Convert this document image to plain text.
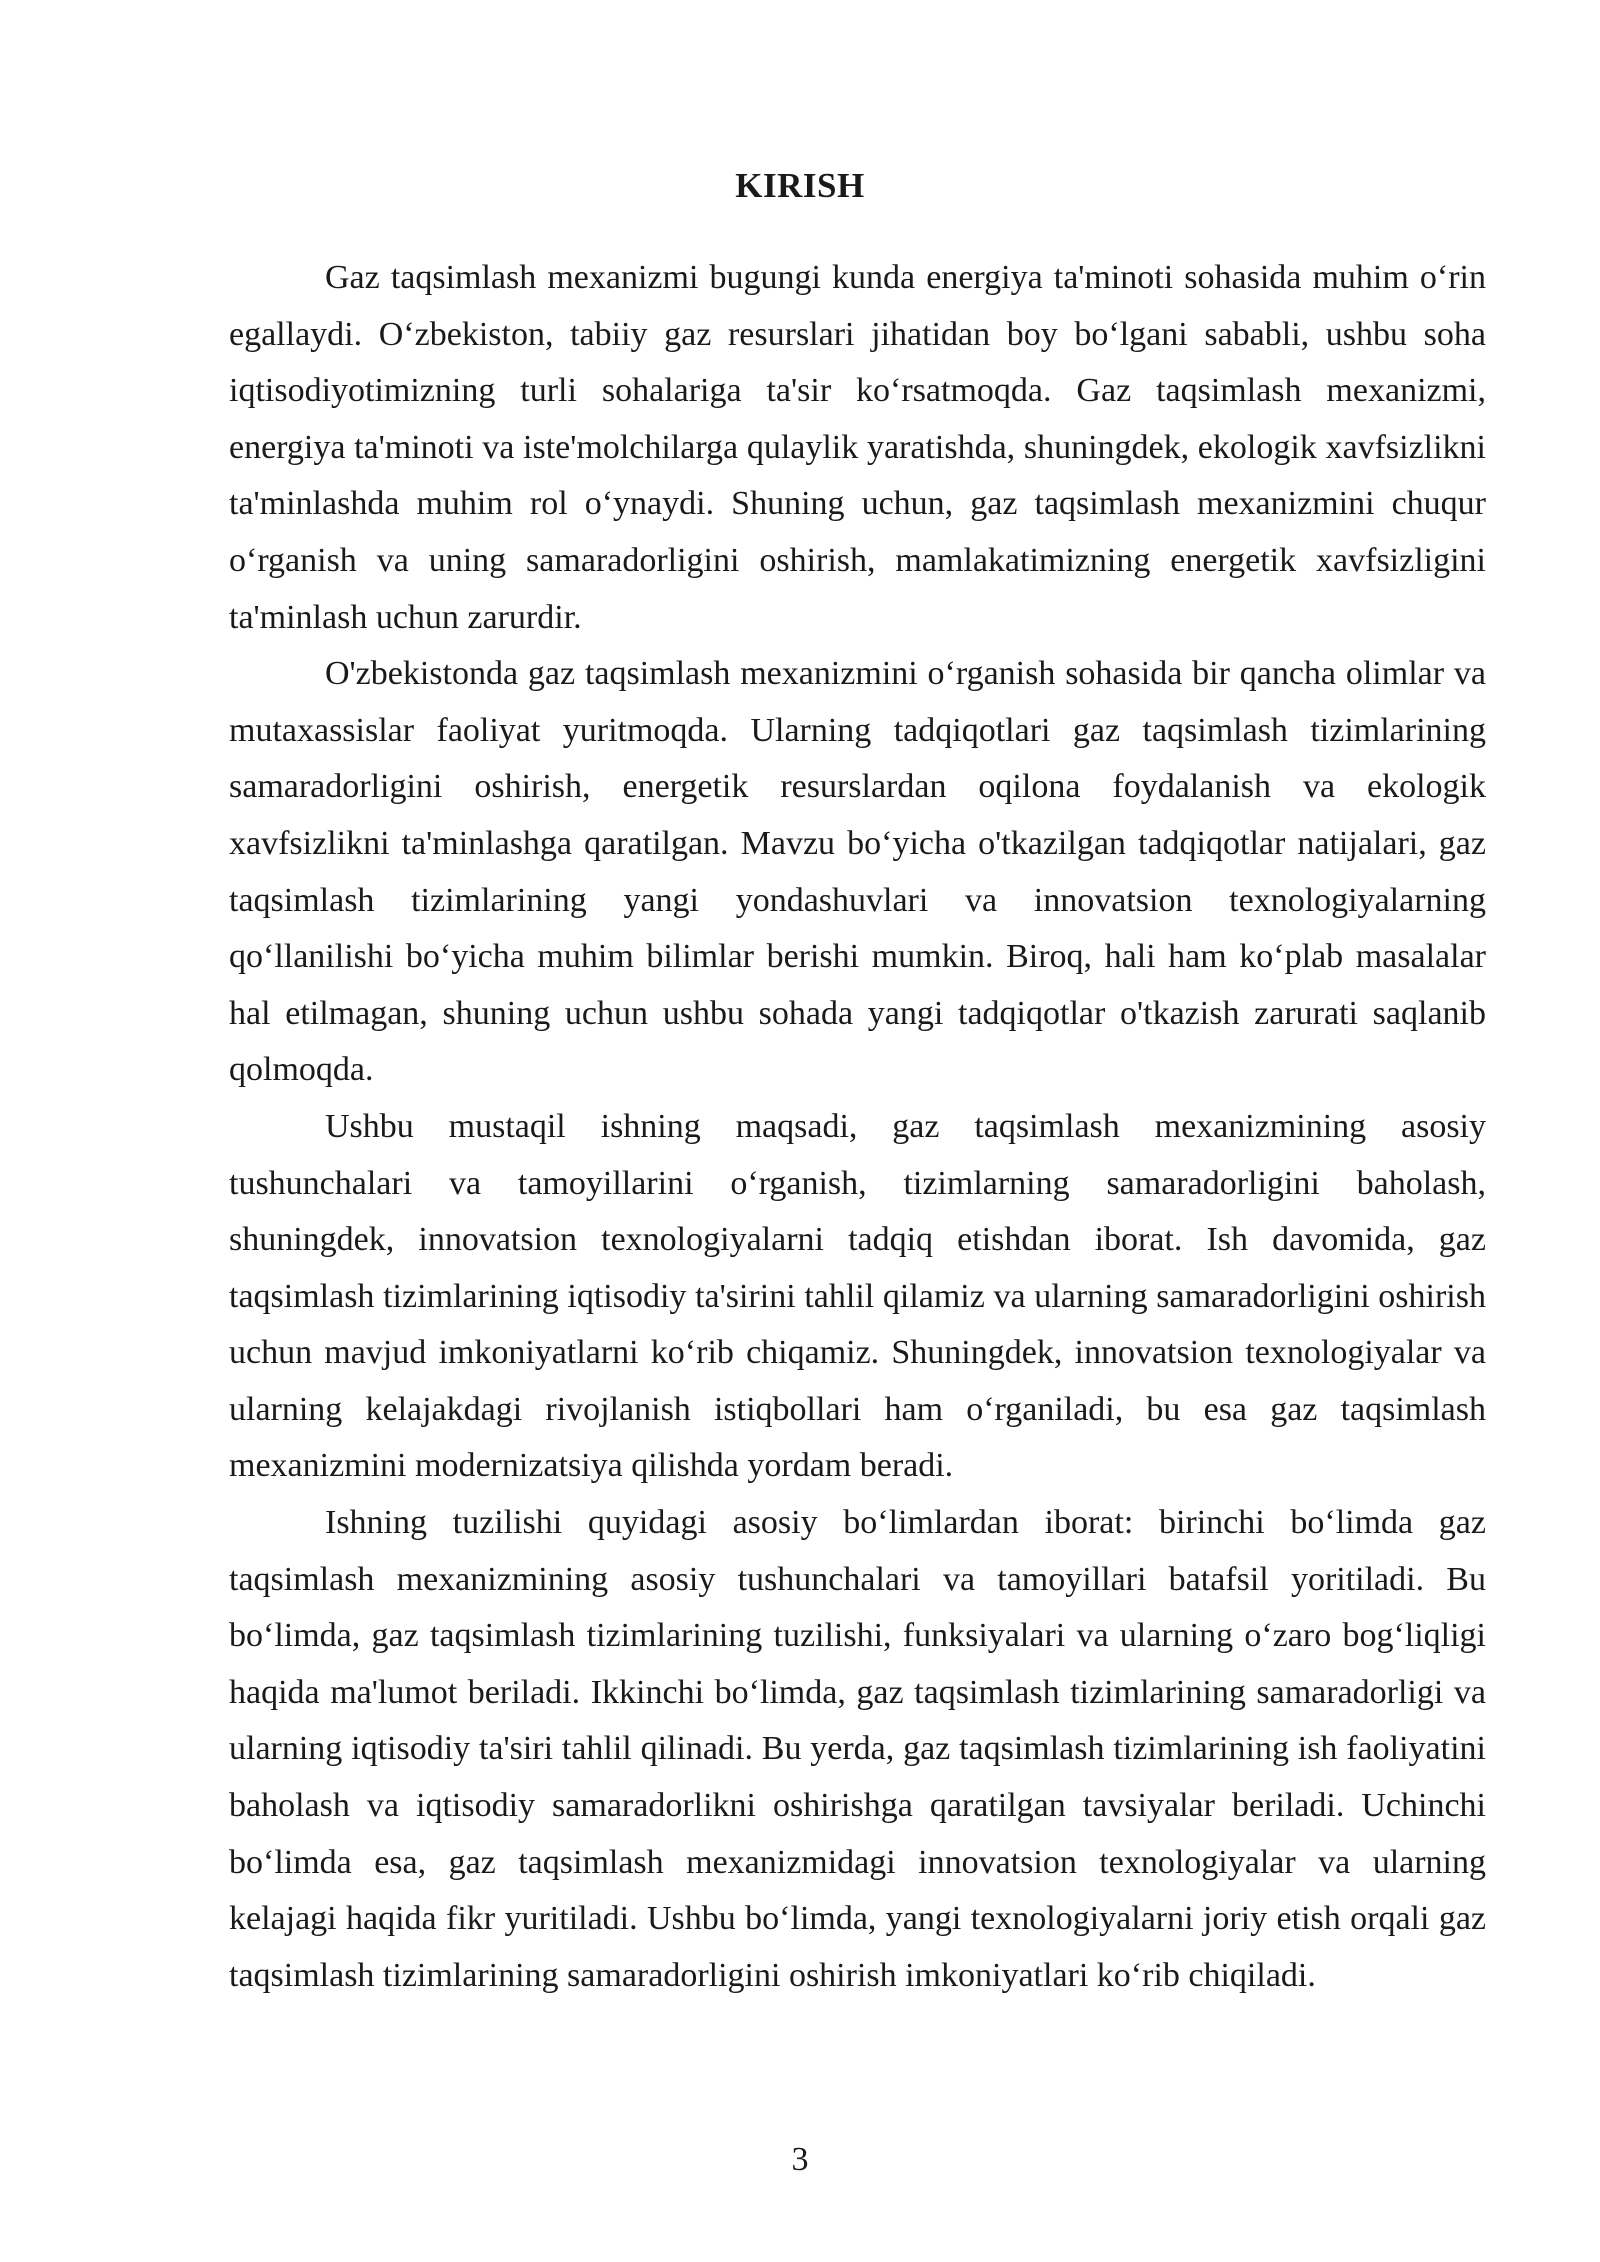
KIRISH

Gaz taqsimlash mexanizmi bugungi kunda energiya ta'minoti sohasida muhim o‘rin egallaydi. O‘zbekiston, tabiiy gaz resurslari jihatidan boy bo‘lgani sababli, ushbu soha iqtisodiyotimizning turli sohalariga ta'sir ko‘rsatmoqda. Gaz taqsimlash mexanizmi, energiya ta'minoti va iste'molchilarga qulaylik yaratishda, shuningdek, ekologik xavfsizlikni ta'minlashda muhim rol o‘ynaydi. Shuning uchun, gaz taqsimlash mexanizmini chuqur o‘rganish va uning samaradorligini oshirish, mamlakatimizning energetik xavfsizligini ta'minlash uchun zarurdir.

O'zbekistonda gaz taqsimlash mexanizmini o‘rganish sohasida bir qancha olimlar va mutaxassislar faoliyat yuritmoqda. Ularning tadqiqotlari gaz taqsimlash tizimlarining samaradorligini oshirish, energetik resurslardan oqilona foydalanish va ekologik xavfsizlikni ta'minlashga qaratilgan. Mavzu bo‘yicha o'tkazilgan tadqiqotlar natijalari, gaz taqsimlash tizimlarining yangi yondashuvlari va innovatsion texnologiyalarning qo‘llanilishi bo‘yicha muhim bilimlar berishi mumkin. Biroq, hali ham ko‘plab masalalar hal etilmagan, shuning uchun ushbu sohada yangi tadqiqotlar o'tkazish zarurati saqlanib qolmoqda.

Ushbu mustaqil ishning maqsadi, gaz taqsimlash mexanizmining asosiy tushunchalari va tamoyillarini o‘rganish, tizimlarning samaradorligini baholash, shuningdek, innovatsion texnologiyalarni tadqiq etishdan iborat. Ish davomida, gaz taqsimlash tizimlarining iqtisodiy ta'sirini tahlil qilamiz va ularning samaradorligini oshirish uchun mavjud imkoniyatlarni ko‘rib chiqamiz. Shuningdek, innovatsion texnologiyalar va ularning kelajakdagi rivojlanish istiqbollari ham o‘rganiladi, bu esa gaz taqsimlash mexanizmini modernizatsiya qilishda yordam beradi.

Ishning tuzilishi quyidagi asosiy bo‘limlardan iborat: birinchi bo‘limda gaz taqsimlash mexanizmining asosiy tushunchalari va tamoyillari batafsil yoritiladi. Bu bo‘limda, gaz taqsimlash tizimlarining tuzilishi, funksiyalari va ularning o‘zaro bog‘liqligi haqida ma'lumot beriladi. Ikkinchi bo‘limda, gaz taqsimlash tizimlarining samaradorligi va ularning iqtisodiy ta'siri tahlil qilinadi. Bu yerda, gaz taqsimlash tizimlarining ish faoliyatini baholash va iqtisodiy samaradorlikni oshirishga qaratilgan tavsiyalar beriladi. Uchinchi bo‘limda esa, gaz taqsimlash mexanizmidagi innovatsion texnologiyalar va ularning kelajagi haqida fikr yuritiladi. Ushbu bo‘limda, yangi texnologiyalarni joriy etish orqali gaz taqsimlash tizimlarining samaradorligini oshirish imkoniyatlari ko‘rib chiqiladi.

3
